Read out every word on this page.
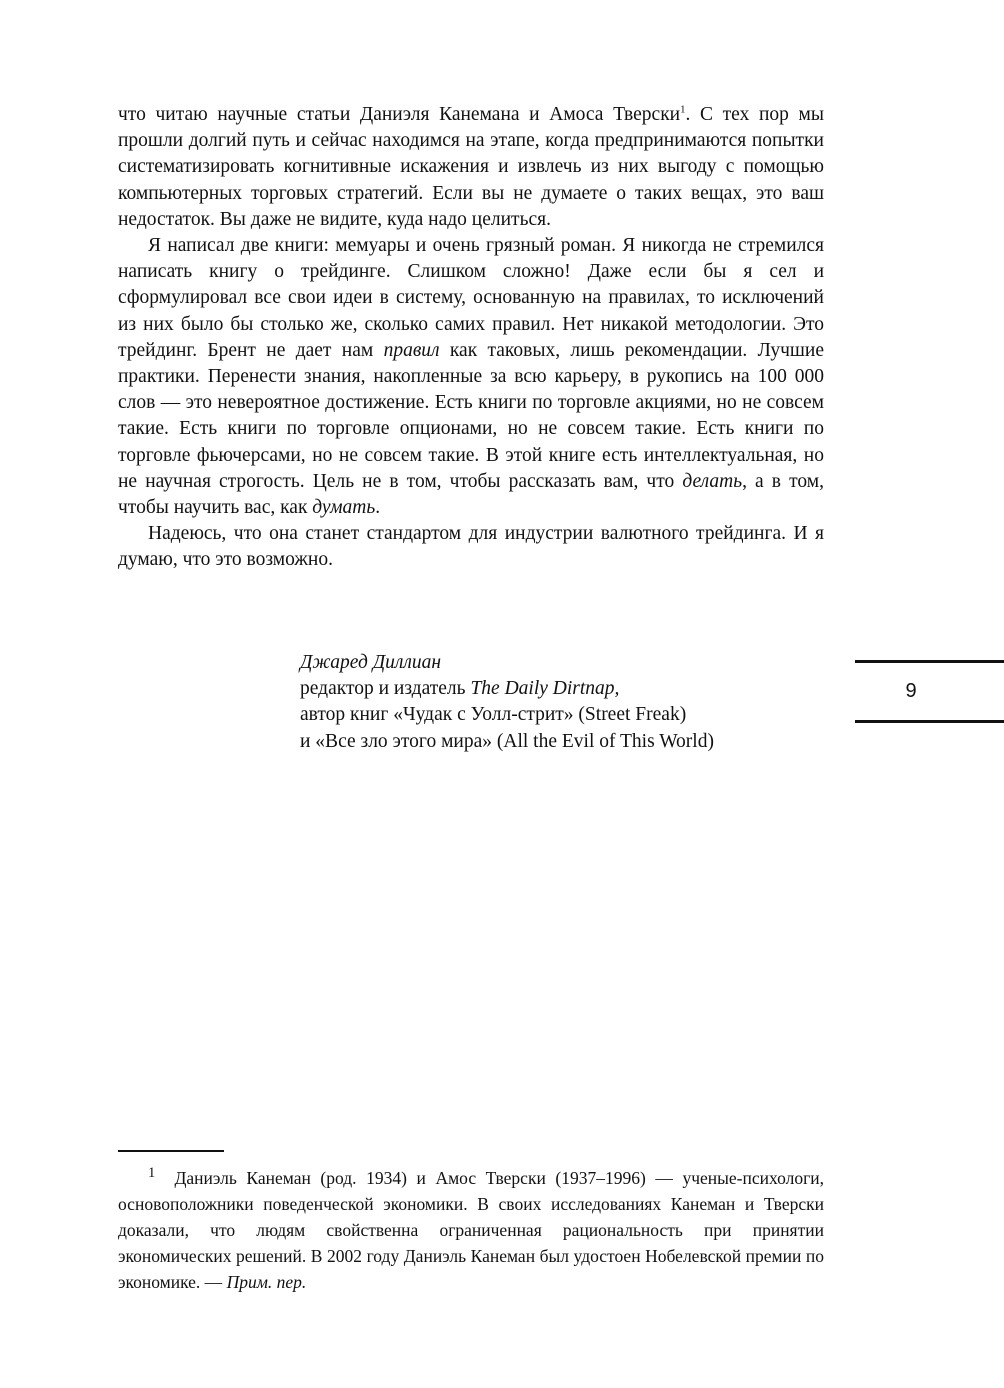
что читаю научные статьи Даниэля Канемана и Амоса Тверски$^1$. С тех пор мы прошли долгий путь и сейчас находимся на этапе, когда предпринимаются попытки систематизировать когнитивные искажения и извлечь из них выгоду с помощью компьютерных торговых стратегий. Если вы не думаете о таких вещах, это ваш недостаток. Вы даже не видите, куда надо целиться.

Я написал две книги: мемуары и очень грязный роман. Я никогда не стремился написать книгу о трейдинге. Слишком сложно! Даже если бы я сел и сформулировал все свои идеи в систему, основанную на правилах, то исключений из них было бы столько же, сколько самих правил. Нет никакой методологии. Это трейдинг. Брент не дает нам правил как таковых, лишь рекомендации. Лучшие практики. Перенести знания, накопленные за всю карьеру, в рукопись на 100 000 слов — это невероятное достижение. Есть книги по торговле акциями, но не совсем такие. Есть книги по торговле опционами, но не совсем такие. Есть книги по торговле фьючерсами, но не совсем такие. В этой книге есть интеллектуальная, но не научная строгость. Цель не в том, чтобы рассказать вам, что делать, а в том, чтобы научить вас, как думать.

Надеюсь, что она станет стандартом для индустрии валютного трейдинга. И я думаю, что это возможно.

Джаред Диллиан
редактор и издатель The Daily Dirtnap,
автор книг «Чудак с Уолл-стрит» (Street Freak)
и «Все зло этого мира» (All the Evil of This World)
9
$^1$ Даниэль Канеман (род. 1934) и Амос Тверски (1937–1996) — ученые-психологи, основоположники поведенческой экономики. В своих исследованиях Канеман и Тверски доказали, что людям свойственна ограниченная рациональность при принятии экономических решений. В 2002 году Даниэль Канеман был удостоен Нобелевской премии по экономике. — Прим. пер.
